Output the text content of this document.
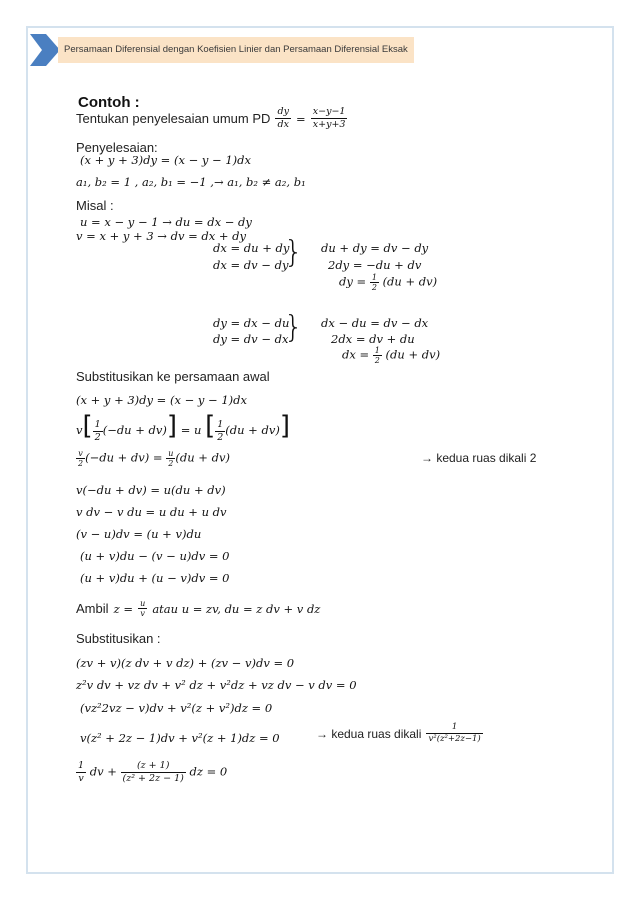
Persamaan Diferensial dengan Koefisien Linier dan Persamaan Diferensial Eksak
Contoh :
Tentukan penyelesaian umum PD $\frac{dy}{dx} = \frac{x-y-1}{x+y+3}$
Penyelesaian:
(x + y + 3)dy = (x − y − 1)dx
a₁, b₂ = 1 , a₂, b₁ = −1 ,→ a₁, b₂ ≠ a₂, b₁
Misal :
u = x − y − 1 → du = dx − dy
v = x + y + 3 → dv = dx + dy
dx = du + dy
dx = dv − dy
} du + dy = dv − dy
2dy = −du + dv
dy = $\frac{1}{2} (du + dv)$
dy = dx − du
dy = dv − dx
} dx − du = dv − dx
2dx = dv + du
dx = $\frac{1}{2} (du + dv)$
Substitusikan ke persamaan awal
(x + y + 3)dy = (x − y − 1)dx
$v[ \frac{1}{2} (-du + dv)] = u$ [ $\frac{1}{2} (du + dv)$]
$\frac{v}{2} (-du + dv) = \frac{u}{2} (du + dv)$	→ kedua ruas dikali 2
v(−du + dv) = u(du + dv)
v dv − v du = u du + u dv
(v − u)dv = (u + v)du
(u + v)du − (v − u)dv = 0
(u + v)du + (u − v)dv = 0
Ambil $z = \frac{u}{v}$ atau u = zv, du = z dv + v dz
Substitusikan :
(zv + v)(z dv + v dz) + (zv − v)dv = 0
z²v dv + vz dv + v² dz + v²dz + vz dv − v dv = 0
(vz²2vz − v)dv + v²(z + v²)dz = 0
v(z² + 2z − 1)dv + v²(z + 1)dz = 0	→ kedua ruas dikali $\frac{1}{\text{v²(z²+2z−1)}}$
$\frac{1}{v}$ dv + $\frac{(z + 1)}{\text{(z² + 2z − 1)}}$ dz = 0
